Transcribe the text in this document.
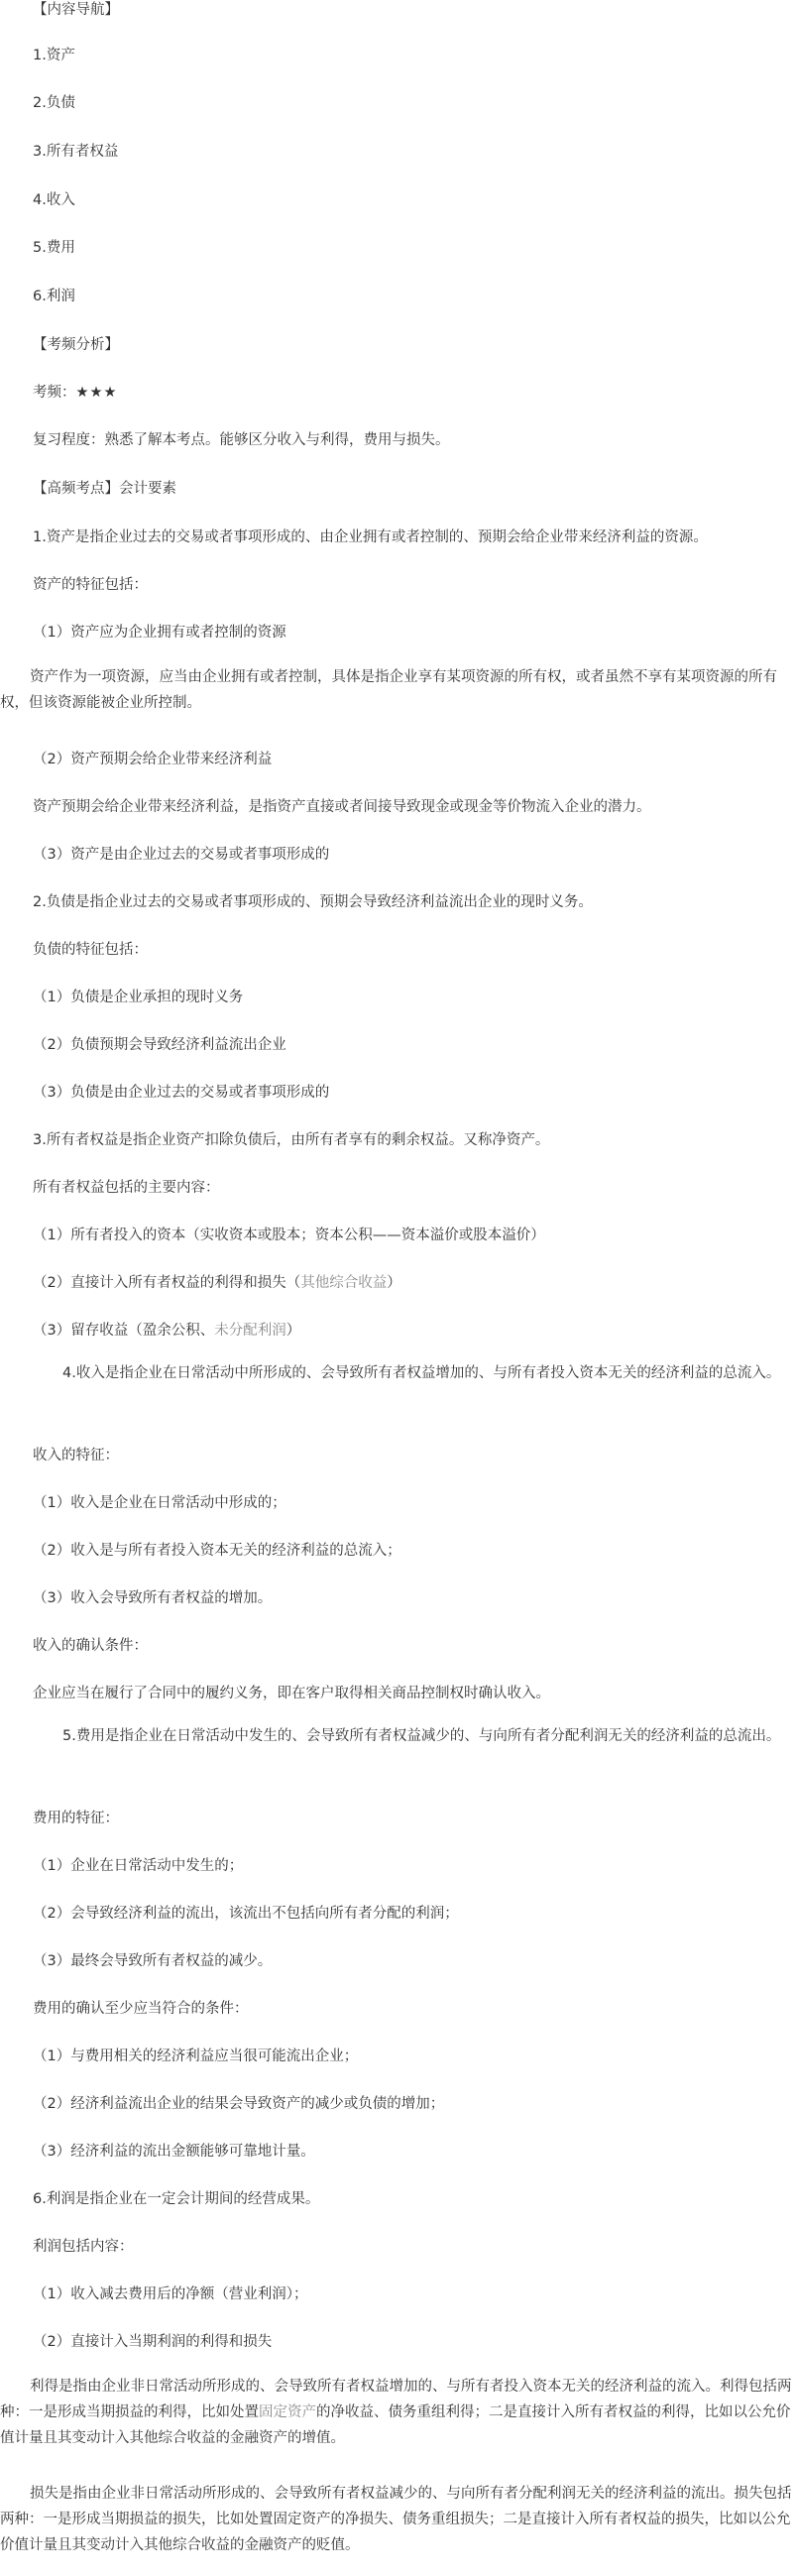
【内容导航】
1.资产
2.负债
3.所有者权益
4.收入
5.费用
6.利润
【考频分析】
考频：★★★
复习程度：熟悉了解本考点。能够区分收入与利得，费用与损失。
【高频考点】会计要素
1.资产是指企业过去的交易或者事项形成的、由企业拥有或者控制的、预期会给企业带来经济利益的资源。
资产的特征包括：
（1）资产应为企业拥有或者控制的资源
资产作为一项资源，应当由企业拥有或者控制，具体是指企业享有某项资源的所有权，或者虽然不享有某项资源的所有权，但该资源能被企业所控制。
（2）资产预期会给企业带来经济利益
资产预期会给企业带来经济利益，是指资产直接或者间接导致现金或现金等价物流入企业的潜力。
（3）资产是由企业过去的交易或者事项形成的
2.负债是指企业过去的交易或者事项形成的、预期会导致经济利益流出企业的现时义务。
负债的特征包括：
（1）负债是企业承担的现时义务
（2）负债预期会导致经济利益流出企业
（3）负债是由企业过去的交易或者事项形成的
3.所有者权益是指企业资产扣除负债后，由所有者享有的剩余权益。又称净资产。
所有者权益包括的主要内容：
（1）所有者投入的资本（实收资本或股本；资本公积——资本溢价或股本溢价）
（2）直接计入所有者权益的利得和损失（其他综合收益）
（3）留存收益（盈余公积、未分配利润）
4.收入是指企业在日常活动中所形成的、会导致所有者权益增加的、与所有者投入资本无关的经济利益的总流入。
收入的特征：
（1）收入是企业在日常活动中形成的；
（2）收入是与所有者投入资本无关的经济利益的总流入；
（3）收入会导致所有者权益的增加。
收入的确认条件：
企业应当在履行了合同中的履约义务，即在客户取得相关商品控制权时确认收入。
5.费用是指企业在日常活动中发生的、会导致所有者权益减少的、与向所有者分配利润无关的经济利益的总流出。
费用的特征：
（1）企业在日常活动中发生的；
（2）会导致经济利益的流出，该流出不包括向所有者分配的利润；
（3）最终会导致所有者权益的减少。
费用的确认至少应当符合的条件：
（1）与费用相关的经济利益应当很可能流出企业；
（2）经济利益流出企业的结果会导致资产的减少或负债的增加；
（3）经济利益的流出金额能够可靠地计量。
6.利润是指企业在一定会计期间的经营成果。
利润包括内容：
（1）收入减去费用后的净额（营业利润）；
（2）直接计入当期利润的利得和损失
利得是指由企业非日常活动所形成的、会导致所有者权益增加的、与所有者投入资本无关的经济利益的流入。利得包括两种：一是形成当期损益的利得，比如处置固定资产的净收益、债务重组利得；二是直接计入所有者权益的利得，比如以公允价值计量且其变动计入其他综合收益的金融资产的增值。
损失是指由企业非日常活动所形成的、会导致所有者权益减少的、与向所有者分配利润无关的经济利益的流出。损失包括两种：一是形成当期损益的损失，比如处置固定资产的净损失、债务重组损失；二是直接计入所有者权益的损失，比如以公允价值计量且其变动计入其他综合收益的金融资产的贬值。
